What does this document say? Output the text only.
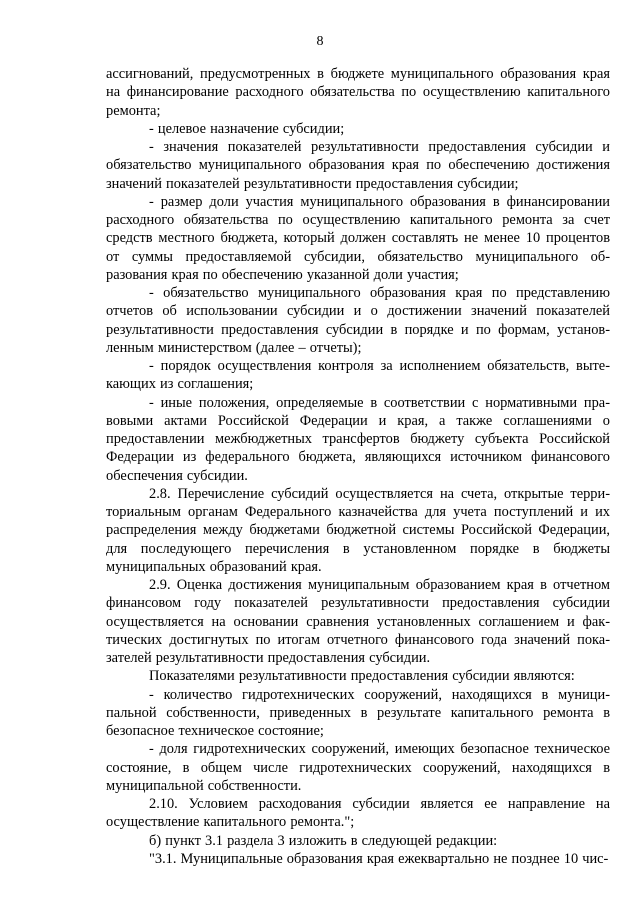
8

ассигнований, предусмотренных в бюджете муниципального образования края на финансирование расходного обязательства по осуществлению капитального ремонта;

- целевое назначение субсидии;

- значения показателей результативности предоставления субсидии и обязательство муниципального образования края по обеспечению достижения значений показателей результативности предоставления субсидии;

- размер доли участия муниципального образования в финансировании расходного обязательства по осуществлению капитального ремонта за счет средств местного бюджета, который должен составлять не менее 10 процентов от суммы предоставляемой субсидии, обязательство муниципального образования края по обеспечению указанной доли участия;

- обязательство муниципального образования края по представлению отчетов об использовании субсидии и о достижении значений показателей результативности предоставления субсидии в порядке и по формам, установленным министерством (далее – отчеты);

- порядок осуществления контроля за исполнением обязательств, вытекающих из соглашения;

- иные положения, определяемые в соответствии с нормативными правовыми актами Российской Федерации и края, а также соглашениями о предоставлении межбюджетных трансфертов бюджету субъекта Российской Федерации из федерального бюджета, являющихся источником финансового обеспечения субсидии.

2.8. Перечисление субсидий осуществляется на счета, открытые территориальным органам Федерального казначейства для учета поступлений и их распределения между бюджетами бюджетной системы Российской Федерации, для последующего перечисления в установленном порядке в бюджеты муниципальных образований края.

2.9. Оценка достижения муниципальным образованием края в отчетном финансовом году показателей результативности предоставления субсидии осуществляется на основании сравнения установленных соглашением и фактических достигнутых по итогам отчетного финансового года значений показателей результативности предоставления субсидии.

Показателями результативности предоставления субсидии являются:

- количество гидротехнических сооружений, находящихся в муниципальной собственности, приведенных в результате капитального ремонта в безопасное техническое состояние;

- доля гидротехнических сооружений, имеющих безопасное техническое состояние, в общем числе гидротехнических сооружений, находящихся в муниципальной собственности.

2.10. Условием расходования субсидии является ее направление на осуществление капитального ремонта.";

б) пункт 3.1 раздела 3 изложить в следующей редакции:

"3.1. Муниципальные образования края ежеквартально не позднее 10 чис-
